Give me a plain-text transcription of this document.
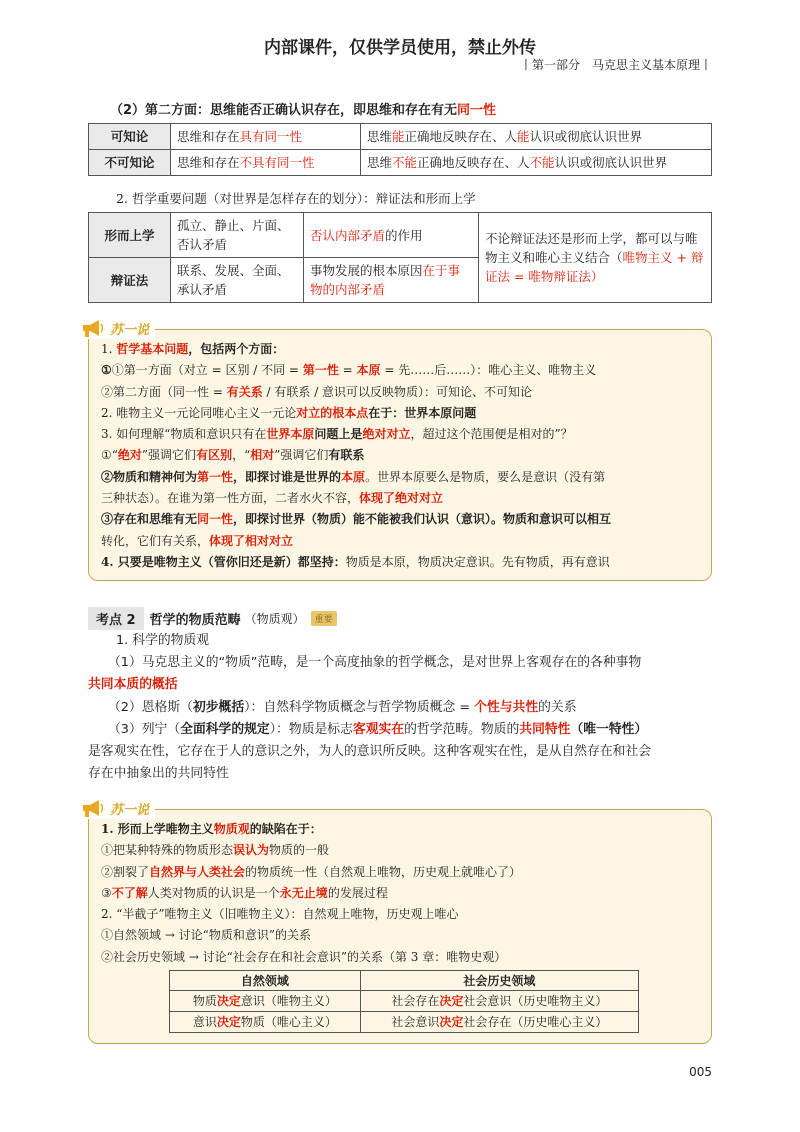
内部课件，仅供学员使用，禁止外传
丨第一部分　马克思主义基本原理丨
（2）第二方面：思维能否正确认识存在，即思维和存在有无同一性
可知论	思维和存在具有同一性	思维能正确地反映存在、人能认识或彻底认识世界
不可知论	思维和存在不具有同一性	思维不能正确地反映存在、人不能认识或彻底认识世界
2. 哲学重要问题（对世界是怎样存在的划分）：辩证法和形而上学
形而上学	孤立、静止、片面、否认矛盾	否认内部矛盾的作用	不论辩证法还是形而上学，都可以与唯物主义和唯心主义结合（唯物主义 + 辩证法 = 唯物辩证法）
辩证法	联系、发展、全面、承认矛盾	事物发展的根本原因在于事物的内部矛盾	
1. 哲学基本问题，包括两个方面：
①①第一方面（对立 = 区别 / 不同 = 第一性 = 本原 = 先……后……）：唯心主义、唯物主义
②第二方面（同一性 = 有关系 / 有联系 / 意识可以反映物质）：可知论、不可知论
2. 唯物主义一元论同唯心主义一元论对立的根本点在于：世界本原问题
3. 如何理解“物质和意识只有在世界本原问题上是绝对对立，超过这个范围便是相对的”？
①“绝对”强调它们有区别，“相对”强调它们有联系
②物质和精神何为第一性，即探讨谁是世界的本原。世界本原要么是物质，要么是意识（没有第
三种状态）。在谁为第一性方面，二者水火不容，体现了绝对对立
③存在和思维有无同一性，即探讨世界（物质）能不能被我们认识（意识）。物质和意识可以相互
转化，它们有关系，体现了相对对立
4. 只要是唯物主义（管你旧还是新）都坚持：物质是本原，物质决定意识。先有物质，再有意识
苏一说
考点 2	哲学的物质范畴 （物质观）	重要
1. 科学的物质观
（1）马克思主义的“物质”范畴，是一个高度抽象的哲学概念，是对世界上客观存在的各种事物
共同本质的概括
（2）恩格斯（初步概括）：自然科学物质概念与哲学物质概念 = 个性与共性的关系
（3）列宁（全面科学的规定）：物质是标志客观实在的哲学范畴。物质的共同特性（唯一特性）
是客观实在性，它存在于人的意识之外，为人的意识所反映。这种客观实在性，是从自然存在和社会
存在中抽象出的共同特性
1. 形而上学唯物主义物质观的缺陷在于：
①把某种特殊的物质形态误认为物质的一般
②割裂了自然界与人类社会的物质统一性（自然观上唯物，历史观上就唯心了）
③不了解人类对物质的认识是一个永无止境的发展过程
2. “半截子”唯物主义（旧唯物主义）：自然观上唯物，历史观上唯心
①自然领域 → 讨论“物质和意识”的关系
②社会历史领域 → 讨论“社会存在和社会意识”的关系（第 3 章：唯物史观）
自然领域	社会历史领域
物质决定意识（唯物主义）	社会存在决定社会意识（历史唯物主义）
意识决定物质（唯心主义）	社会意识决定社会存在（历史唯心主义）
苏一说
005
